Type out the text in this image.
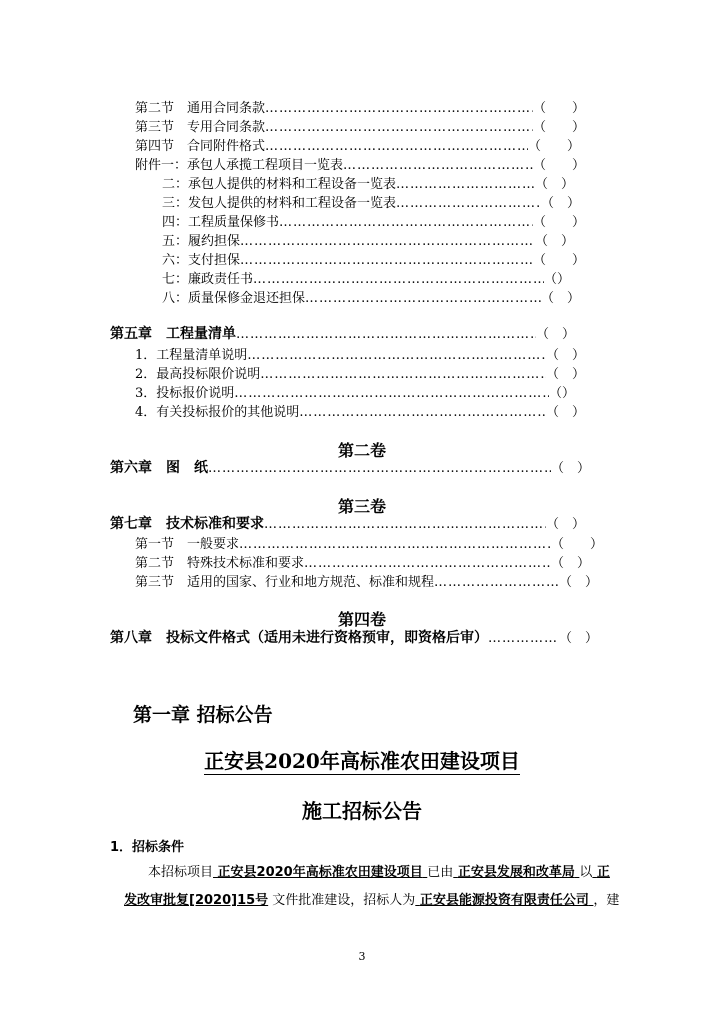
第二节　通用合同条款 …………………………………………………………………………………………………………………………………………	（　　）
第三节　专用合同条款 …………………………………………………………………………………………………………………………………………	（　　）
第四节　合同附件格式 …………………………………………………………………………………………………………………………………………	（　　）
附件一：承包人承揽工程项目一览表 …………………………………………………………………………………………………………………………………………	（　　）
二：承包人提供的材料和工程设备一览表 …………………………………………………………………………………………………………………………………………	（　）
三：发包人提供的材料和工程设备一览表 …………………………………………………………………………………………………………………………………………	（　）
四：工程质量保修书 …………………………………………………………………………………………………………………………………………	（　　）
五：履约担保 …………………………………………………………………………………………………………………………………………	（　）
六：支付担保 …………………………………………………………………………………………………………………………………………	（　　）
七：廉政责任书 …………………………………………………………………………………………………………………………………………	（）
八：质量保修金退还担保 …………………………………………………………………………………………………………………………………………	（　）
第五章　工程量清单 …………………………………………………………………………………………………………………………………………	（　）
1．工程量清单说明 …………………………………………………………………………………………………………………………………………	（　）
2．最高投标限价说明 …………………………………………………………………………………………………………………………………………	（　）
3．投标报价说明 …………………………………………………………………………………………………………………………………………	（）
4．有关投标报价的其他说明 …………………………………………………………………………………………………………………………………………	（　）
第二卷
第六章　图　纸 …………………………………………………………………………………………………………………………………………	（　）
第三卷
第七章　技术标准和要求 …………………………………………………………………………………………………………………………………………	（　）
第一节　一般要求 …………………………………………………………………………………………………………………………………………	（　　）
第二节　特殊技术标准和要求 …………………………………………………………………………………………………………………………………………	（　）
第三节　适用的国家、行业和地方规范、标准和规程 …………………………………………………………………………………………………………………………………………	（　）
第四卷
第八章　投标文件格式（适用未进行资格预审，即资格后审） …………………………………………………………………………………………………………………………………………	（　）
第一章 招标公告
正安县2020年高标准农田建设项目
施工招标公告
1．招标条件
本招标项目 正安县2020年高标准农田建设项目 已由 正安县发展和改革局 以 正
发改审批复[2020]15号 文件批准建设，招标人为 正安县能源投资有限责任公司 ，建
3
